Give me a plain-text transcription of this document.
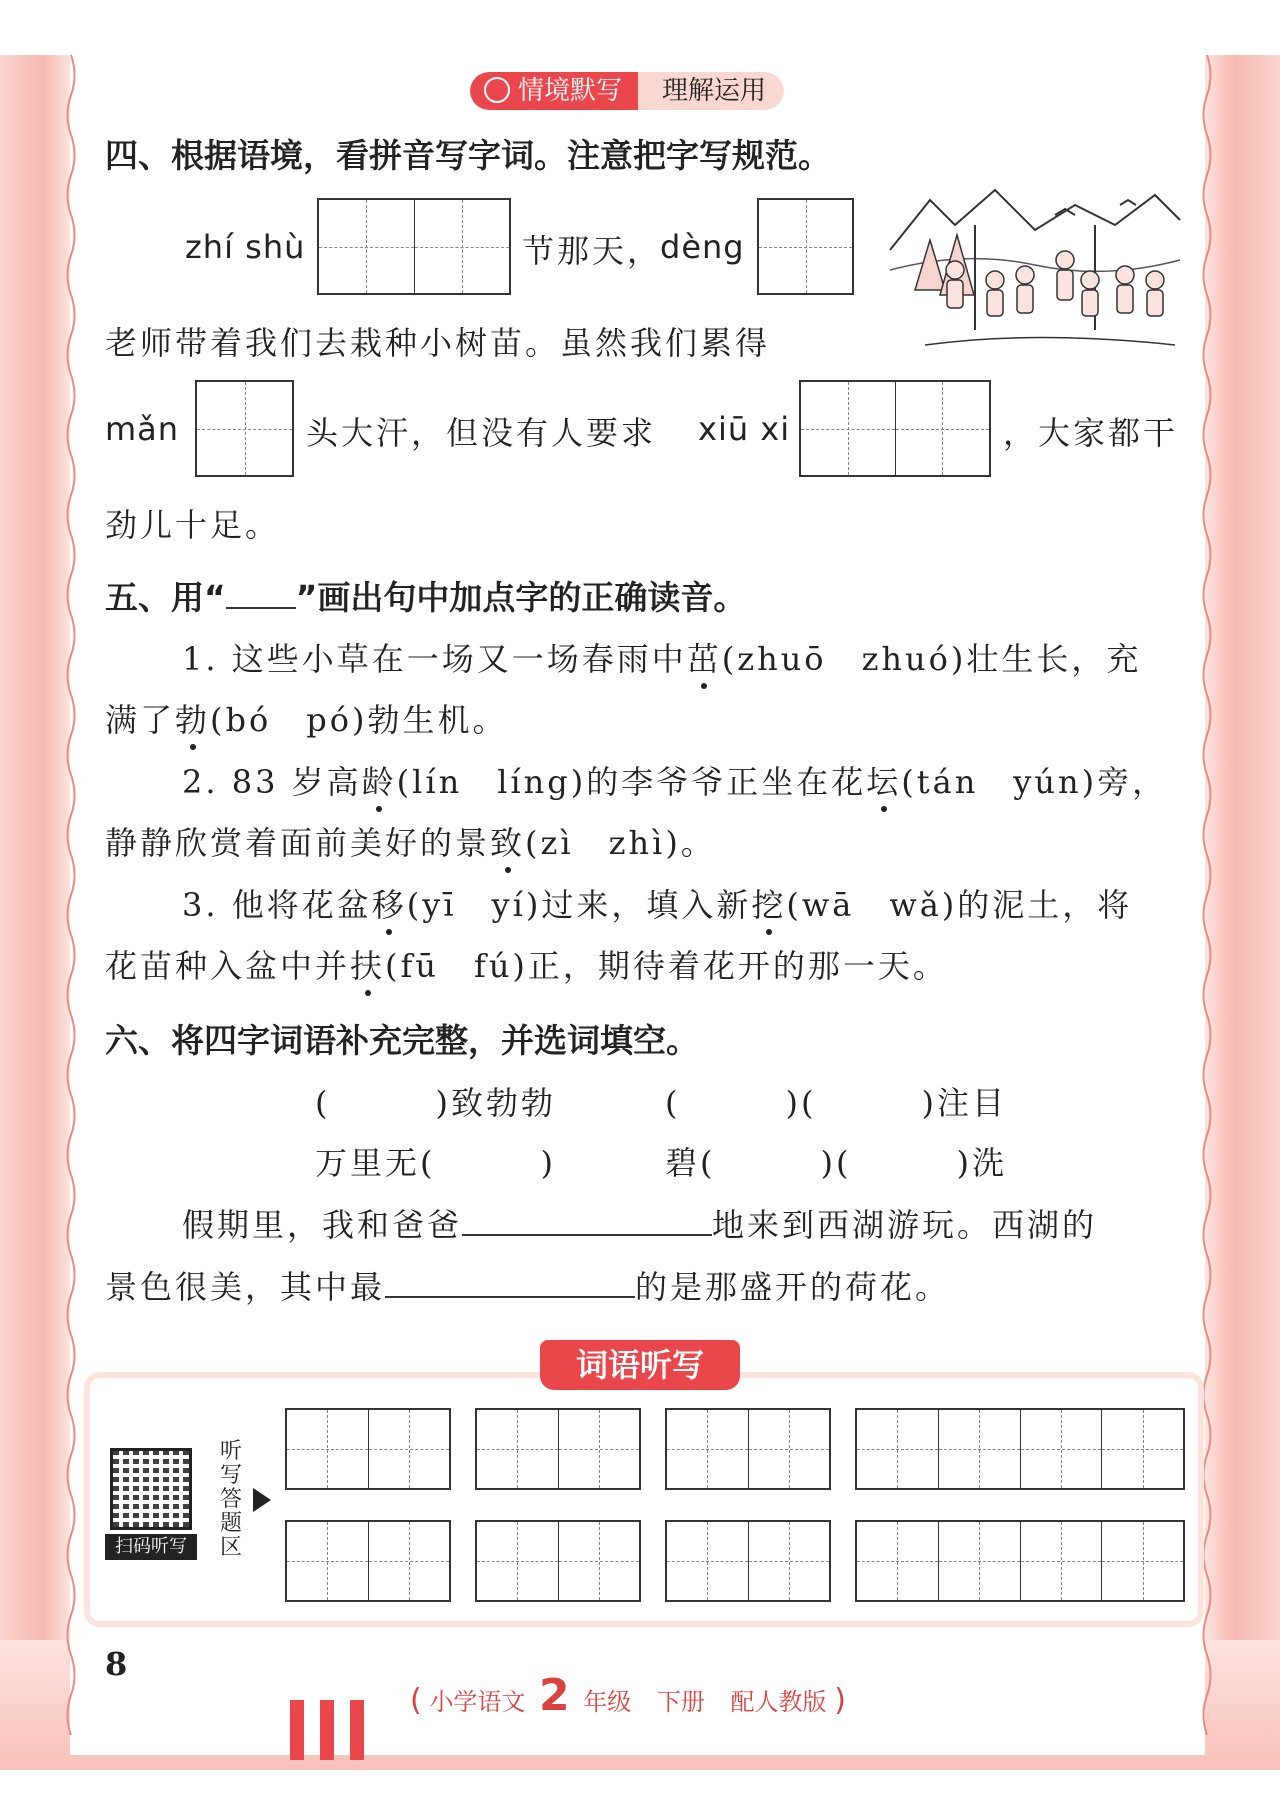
情境默写	理解运用
四、根据语境，看拼音写字词。注意把字写规范。
zhí shù	节那天，
dèng
老师带着我们去栽种小树苗。虽然我们累得
mǎn	头大汗，但没有人要求 xiū xi	，大家都干
劲儿十足。
五、用“ ”画出句中加点字的正确读音。
1. 这些小草在一场又一场春雨中茁(zhuō　zhuó)壮生长，充
满了勃(bó　pó)勃生机。
2. 83 岁高龄(lín　líng)的李爷爷正坐在花坛(tán　yún)旁，
静静欣赏着面前美好的景致(zì　zhì)。
3. 他将花盆移(yī　yí)过来，填入新挖(wā　wǎ)的泥土，将
花苗种入盆中并扶(fū　fú)正，期待着花开的那一天。
六、将四字词语补充完整，并选词填空。
(　　　)致勃勃	(　　　)(　　　)注目
万里无(　　　)	碧(　　　)(　　　)洗
假期里，我和爸爸	地来到西湖游玩。西湖的
景色很美，其中最	的是那盛开的荷花。
词语听写
扫码听写
听写答题区
8
( 小学语文 2 年级 下册 配人教版 )
